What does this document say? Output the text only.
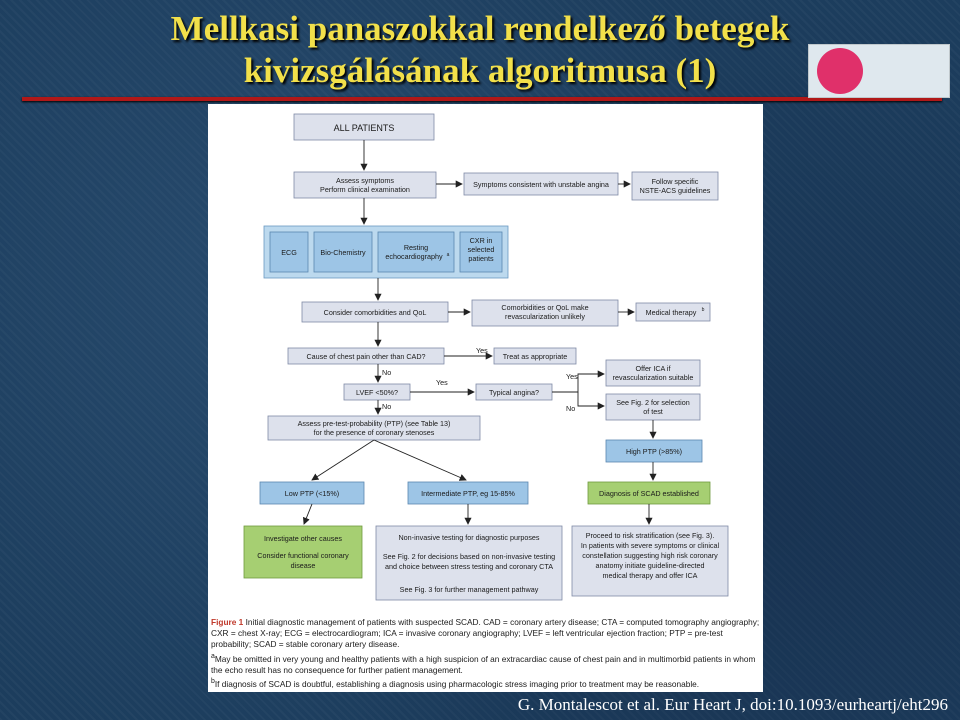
Mellkasi panaszokkal rendelkező betegek
kivizsgálásának algoritmusa (1)
ALL PATIENTS
Assess symptoms
Perform clinical examination
Symptoms consistent with unstable angina	Follow specific
NSTE-ACS guidelines
ECG	Bio-Chemistry
Resting
echocardiography a
CXR in
selected
patients
Consider comorbidities and QoL
Comorbidities or QoL make
revascularization unlikely	Medical therapy b
Cause of chest pain other than CAD?	Treat as appropriate
LVEF <50%?	Typical angina?
Offer ICA if
revascularization suitable
See Fig. 2 for selection
of test
Assess pre-test-probability (PTP) (see Table 13)
for the presence of coronary stenoses
High PTP (>85%)
Low PTP (<15%)	Intermediate PTP, eg 15-85%	Diagnosis of SCAD established
Investigate other causes
Consider functional coronary
disease
Non-invasive testing for diagnostic purposes
See Fig. 2 for decisions based on non-invasive testing
and choice between stress testing and coronary CTA
See Fig. 3 for further management pathway
Proceed to risk stratification (see Fig. 3).
In patients with severe symptoms or clinical
constellation suggesting high risk coronary
anatomy initiate guideline-directed
medical therapy and offer ICA
Yes
No
Yes
No
Yes
No
Figure 1 Initial diagnostic management of patients with suspected SCAD. CAD = coronary artery disease; CTA = computed tomography angiography; CXR = chest X-ray; ECG = electrocardiogram; ICA = invasive coronary angiography; LVEF = left ventricular ejection fraction; PTP = pre-test probability; SCAD = stable coronary artery disease.
$^a$May be omitted in very young and healthy patients with a high suspicion of an extracardiac cause of chest pain and in multimorbid patients in whom the echo result has no consequence for further patient management.
$^b$If diagnosis of SCAD is doubtful, establishing a diagnosis using pharmacologic stress imaging prior to treatment may be reasonable.
G. Montalescot et al. Eur Heart J, doi:10.1093/eurheartj/eht296
